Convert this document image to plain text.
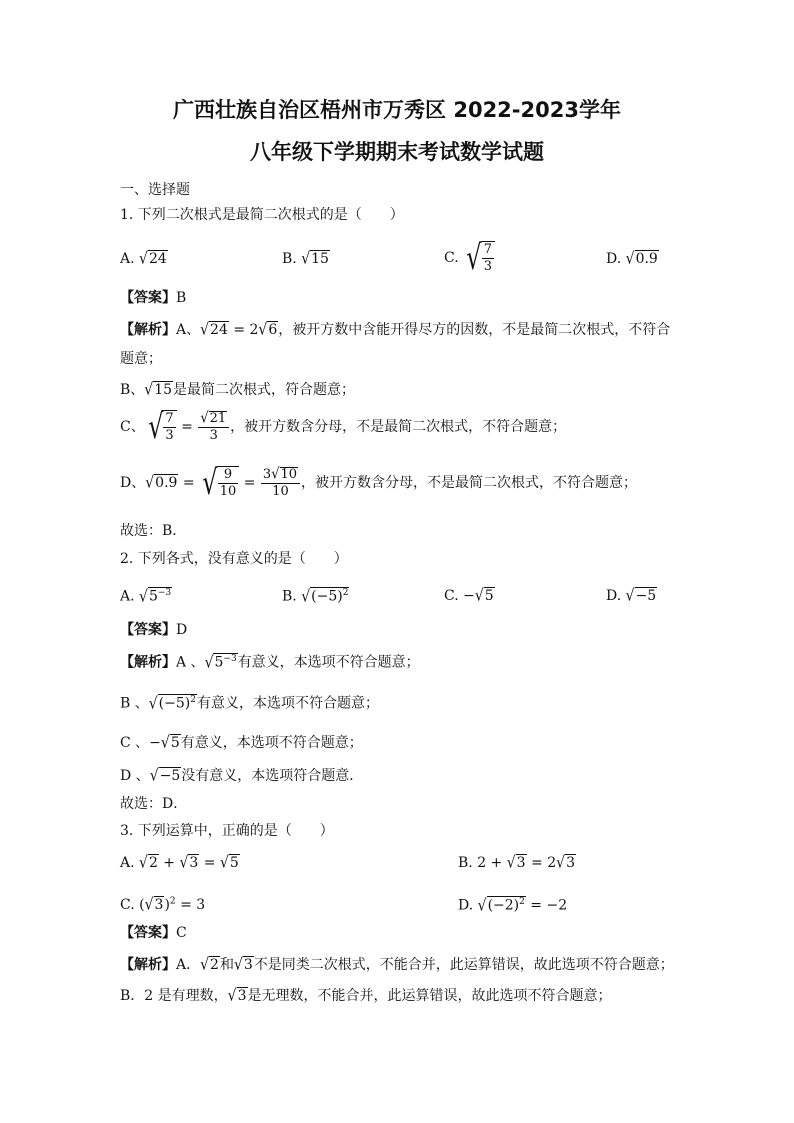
广西壮族自治区梧州市万秀区 2022-2023学年
八年级下学期期末考试数学试题
一、选择题
1. 下列二次根式是最简二次根式的是（　　）
A. √24	B. √15	C. √ $\frac{7}{3}$	D. √0.9
【答案】B
【解析】A、√24 = 2√6，被开方数中含能开得尽方的因数，不是最简二次根式，不符合
题意；
B、√15是最简二次根式，符合题意；
C、√ $\frac{7}{3} = \frac{√21}{3}$ ，被开方数含分母，不是最简二次根式，不符合题意；
D、√0.9 = √ $\frac{9}{10} = \frac{3√10}{10}$ ，被开方数含分母，不是最简二次根式，不符合题意；
故选：B．
2. 下列各式，没有意义的是（　　）
A. $√5^{-3}$	B. $√(-5)^2$	C. −√5	D. √−5
【答案】D
【解析】A 、$√5^{-3}$有意义，本选项不符合题意；
B 、$√(-5)^2$有意义，本选项不符合题意；
C 、−√5有意义，本选项不符合题意；
D 、√−5没有意义，本选项符合题意．
故选：D．
3. 下列运算中，正确的是（　　）
A. √2 + √3 = √5	B. 2 + √3 = 2√3
C. $(√3)^2 = 3$	D. $√(-2)^2 = -2$
【答案】C
【解析】A．√2和√3不是同类二次根式，不能合并，此运算错误，故此选项不符合题意；
B．2 是有理数，√3是无理数，不能合并，此运算错误，故此选项不符合题意；
